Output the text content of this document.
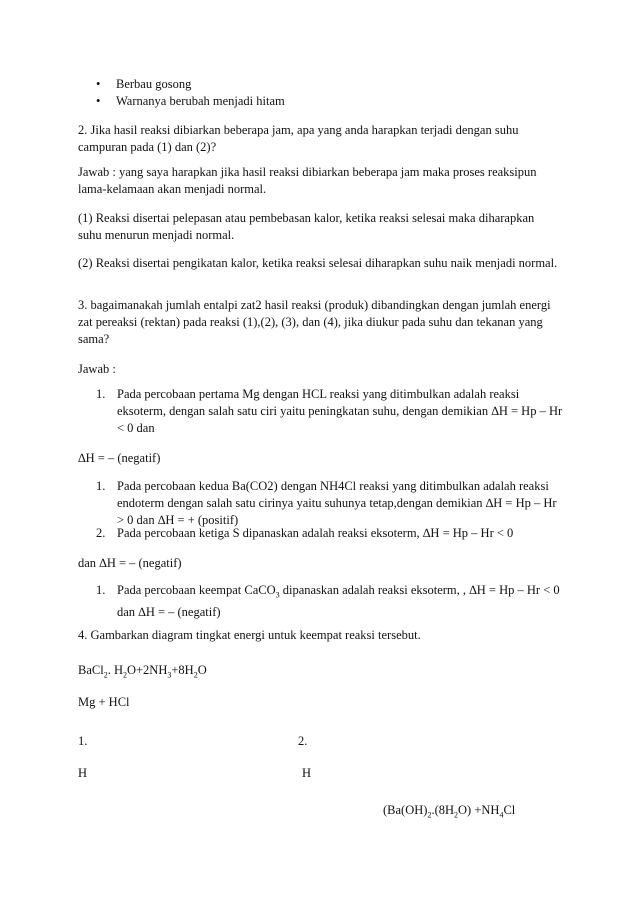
•	Berbau gosong
•	Warnanya berubah menjadi hitam
2. Jika hasil reaksi dibiarkan beberapa jam, apa yang anda harapkan terjadi dengan suhu campuran pada (1) dan (2)?
Jawab : yang saya harapkan jika hasil reaksi dibiarkan beberapa jam maka proses reaksipun lama-kelamaan akan menjadi normal.
(1) Reaksi disertai pelepasan atau pembebasan kalor, ketika reaksi selesai maka diharapkan suhu menurun menjadi normal.
(2) Reaksi disertai pengikatan kalor, ketika reaksi selesai diharapkan suhu naik menjadi normal.
3. bagaimanakah jumlah entalpi zat2 hasil reaksi (produk) dibandingkan dengan jumlah energi zat pereaksi (rektan) pada reaksi (1),(2), (3), dan (4), jika diukur pada suhu dan tekanan yang sama?
Jawab :
1. Pada percobaan pertama Mg dengan HCL reaksi yang ditimbulkan adalah reaksi eksoterm, dengan salah satu ciri yaitu peningkatan suhu, dengan demikian ∆H = Hp – Hr < 0 dan
∆H = – (negatif)
1. Pada percobaan kedua Ba(CO2) dengan NH4Cl reaksi yang ditimbulkan adalah reaksi endoterm dengan salah satu cirinya yaitu suhunya tetap,dengan demikian ∆H = Hp – Hr > 0 dan ∆H = + (positif)
2. Pada percobaan ketiga S dipanaskan adalah reaksi eksoterm, ∆H = Hp – Hr < 0
dan ∆H = – (negatif)
1. Pada percobaan keempat CaCO$_3$ dipanaskan adalah reaksi eksoterm, , ∆H = Hp – Hr < 0 dan ∆H = – (negatif)
4. Gambarkan diagram tingkat energi untuk keempat reaksi tersebut.
BaCl$_2$. $H_2O+2NH_3+8H_2O$
Mg + HCl
1.	2.
H	H
($Ba(OH)_2.(8H_2O) +NH_4Cl$
